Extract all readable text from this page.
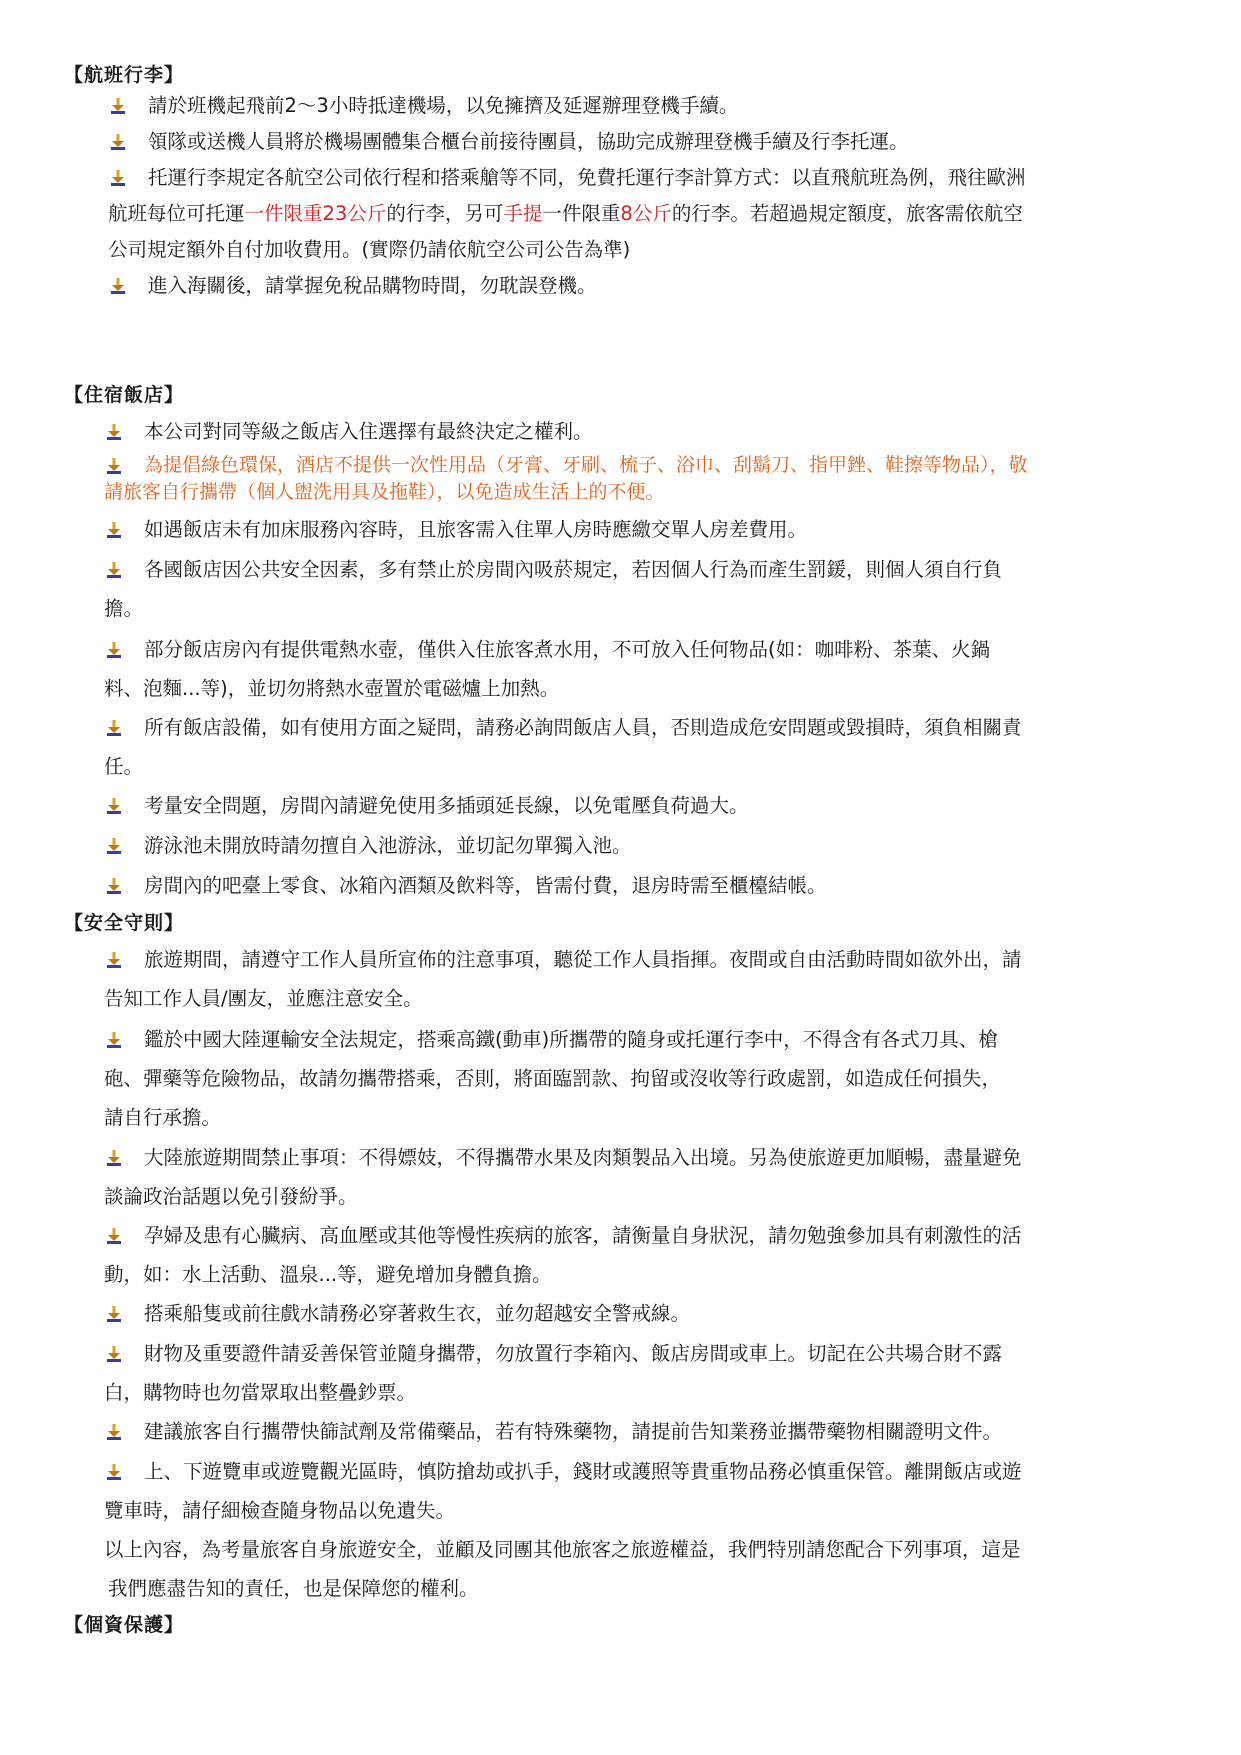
【航班行李】
請於班機起飛前2～3小時抵達機場，以免擁擠及延遲辦理登機手續。
領隊或送機人員將於機場團體集合櫃台前接待團員，協助完成辦理登機手續及行李托運。
托運行李規定各航空公司依行程和搭乘艙等不同，免費托運行李計算方式：以直飛航班為例，飛往歐洲
航班每位可托運一件限重23公斤的行李，另可手提一件限重8公斤的行李。若超過規定額度，旅客需依航空
公司規定額外自付加收費用。(實際仍請依航空公司公告為準)
進入海關後，請掌握免稅品購物時間，勿耽誤登機。
【住宿飯店】
本公司對同等級之飯店入住選擇有最終決定之權利。
為提倡綠色環保，酒店不提供一次性用品（牙膏、牙刷、梳子、浴巾、刮鬍刀、指甲銼、鞋擦等物品），敬
請旅客自行攜帶（個人盥洗用具及拖鞋），以免造成生活上的不便。
如遇飯店未有加床服務內容時，且旅客需入住單人房時應繳交單人房差費用。
各國飯店因公共安全因素，多有禁止於房間內吸菸規定，若因個人行為而產生罰鍰，則個人須自行負
擔。
部分飯店房內有提供電熱水壺，僅供入住旅客煮水用，不可放入任何物品(如：咖啡粉、茶葉、火鍋
料、泡麵...等)，並切勿將熱水壺置於電磁爐上加熱。
所有飯店設備，如有使用方面之疑問，請務必詢問飯店人員，否則造成危安問題或毀損時，須負相關責
任。
考量安全問題，房間內請避免使用多插頭延長線，以免電壓負荷過大。
游泳池未開放時請勿擅自入池游泳，並切記勿單獨入池。
房間內的吧臺上零食、冰箱內酒類及飲料等，皆需付費，退房時需至櫃檯結帳。
【安全守則】
旅遊期間，請遵守工作人員所宣佈的注意事項，聽從工作人員指揮。夜間或自由活動時間如欲外出，請
告知工作人員/團友，並應注意安全。
鑑於中國大陸運輸安全法規定，搭乘高鐵(動車)所攜帶的隨身或托運行李中，不得含有各式刀具、槍
砲、彈藥等危險物品，故請勿攜帶搭乘，否則，將面臨罰款、拘留或沒收等行政處罰，如造成任何損失，
請自行承擔。
大陸旅遊期間禁止事項：不得嫖妓，不得攜帶水果及肉類製品入出境。另為使旅遊更加順暢，盡量避免
談論政治話題以免引發紛爭。
孕婦及患有心臟病、高血壓或其他等慢性疾病的旅客，請衡量自身狀況，請勿勉強參加具有刺激性的活
動，如：水上活動、溫泉...等，避免增加身體負擔。
搭乘船隻或前往戲水請務必穿著救生衣，並勿超越安全警戒線。
財物及重要證件請妥善保管並隨身攜帶，勿放置行李箱內、飯店房間或車上。切記在公共場合財不露
白，購物時也勿當眾取出整疊鈔票。
建議旅客自行攜帶快篩試劑及常備藥品，若有特殊藥物，請提前告知業務並攜帶藥物相關證明文件。
上、下遊覽車或遊覽觀光區時，慎防搶劫或扒手，錢財或護照等貴重物品務必慎重保管。離開飯店或遊
覽車時，請仔細檢查隨身物品以免遺失。
以上內容，為考量旅客自身旅遊安全，並顧及同團其他旅客之旅遊權益，我們特別請您配合下列事項，這是
我們應盡告知的責任，也是保障您的權利。
【個資保護】
